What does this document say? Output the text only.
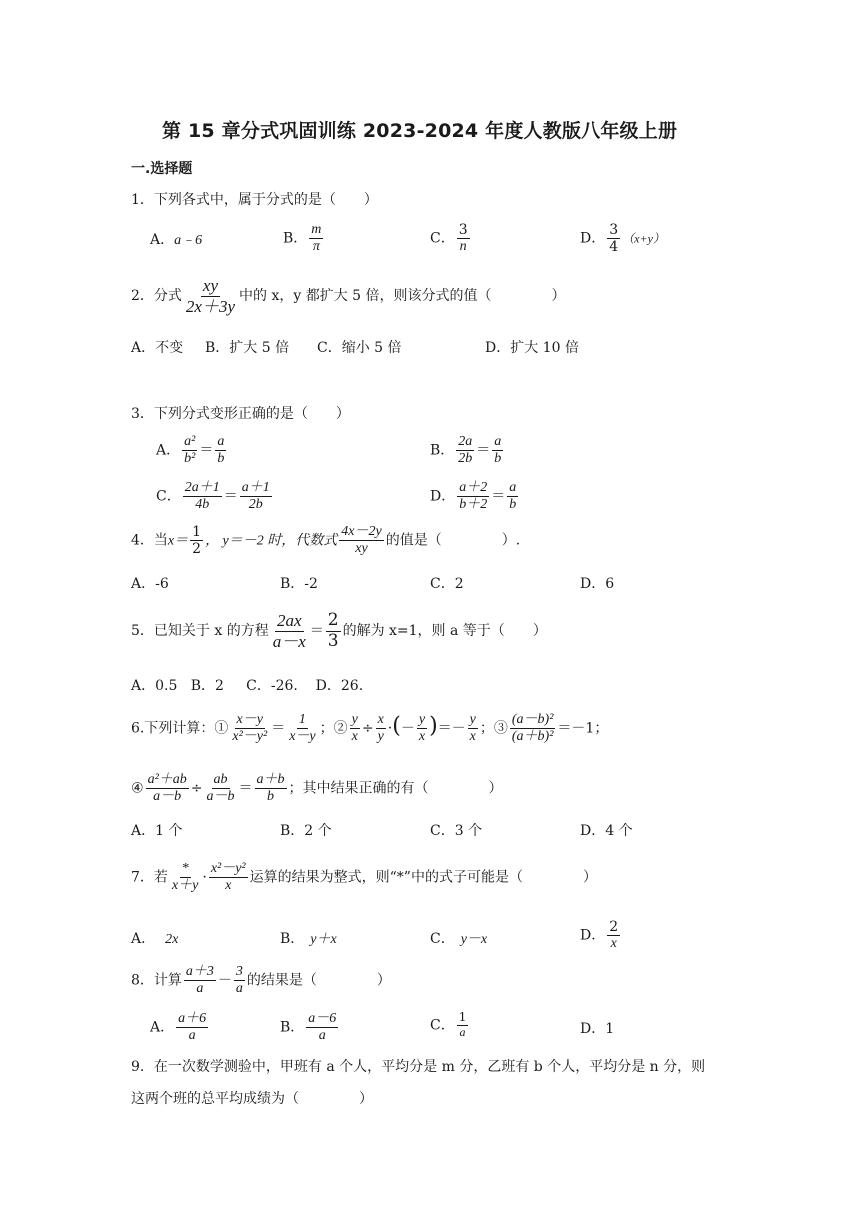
第 15 章分式巩固训练 2023-2024 年度人教版八年级上册
一.选择题
1．下列各式中，属于分式的是（ ）
A．a﹣6	B． $\frac{m}{\pi}$	C． $\frac{3}{n}$	D． $\frac{3}{4} (x+y)$
2．分式 $\frac{xy}{2x+3y}$ 中的 x，y 都扩大 5 倍，则该分式的值（	）
A．不变 B．扩大 5 倍 C．缩小 5 倍	D．扩大 10 倍
3．下列分式变形正确的是（ ）
A． $\frac{\text{a²}}{\text{b²}} = \frac{a}{b}$	B． $\frac{2a}{2b} = \frac{a}{b}$
C． $\frac{2a+1}{4b} = \frac{a+1}{2b}$	D． $\frac{a+2}{b+2} = \frac{a}{b}$
4．当$x= \frac{1}{2}$ ， y＝－2 时，代数式 $\frac{4x-2y}{xy}$ 的值是（	）.
A．-6	B．-2	C．2	D．6
5．已知关于 x 的方程 $\frac{2ax}{a-x} = \frac{2}{3}$ 的解为 x=1，则 a 等于（ ）
A．0.5   B．2     C．-26.    D．26.
6.下列计算：① $\frac{x-y}{\text{x²－y²}} = \frac{1}{x-y}$ ；② $\frac{y}{x} \div \frac{x}{y}$ ·(－ $\frac{y}{x}$ )＝－ $\frac{y}{x}$ ；③ $\frac{\text{(a－b)²}}{\text{(a＋b)²}} =-1$；
④ $\frac{\text{a²＋ab}}{a-b} \div \frac{ab}{a-b} = \frac{a+b}{b}$ ；其中结果正确的有（	）
A．1 个	B．2 个	C．3 个	D．4 个
7．若 $\frac{*}{x+y} \cdot \frac{\text{x²－y²}}{x}$ 运算的结果为整式，则“*”中的式子可能是（	）
A． 2x	B． y＋x	C． y－x	D． $\frac{2}{x}$
8．计算 $\frac{a+3}{a} - \frac{3}{a}$ 的结果是（	）
A． $\frac{a+6}{a}$	B． $\frac{a-6}{a}$	C． $\frac{1}{a}$	D．1
9．在一次数学测验中，甲班有 a 个人，平均分是 m 分，乙班有 b 个人，平均分是 n 分，则
这两个班的总平均成绩为（	）
